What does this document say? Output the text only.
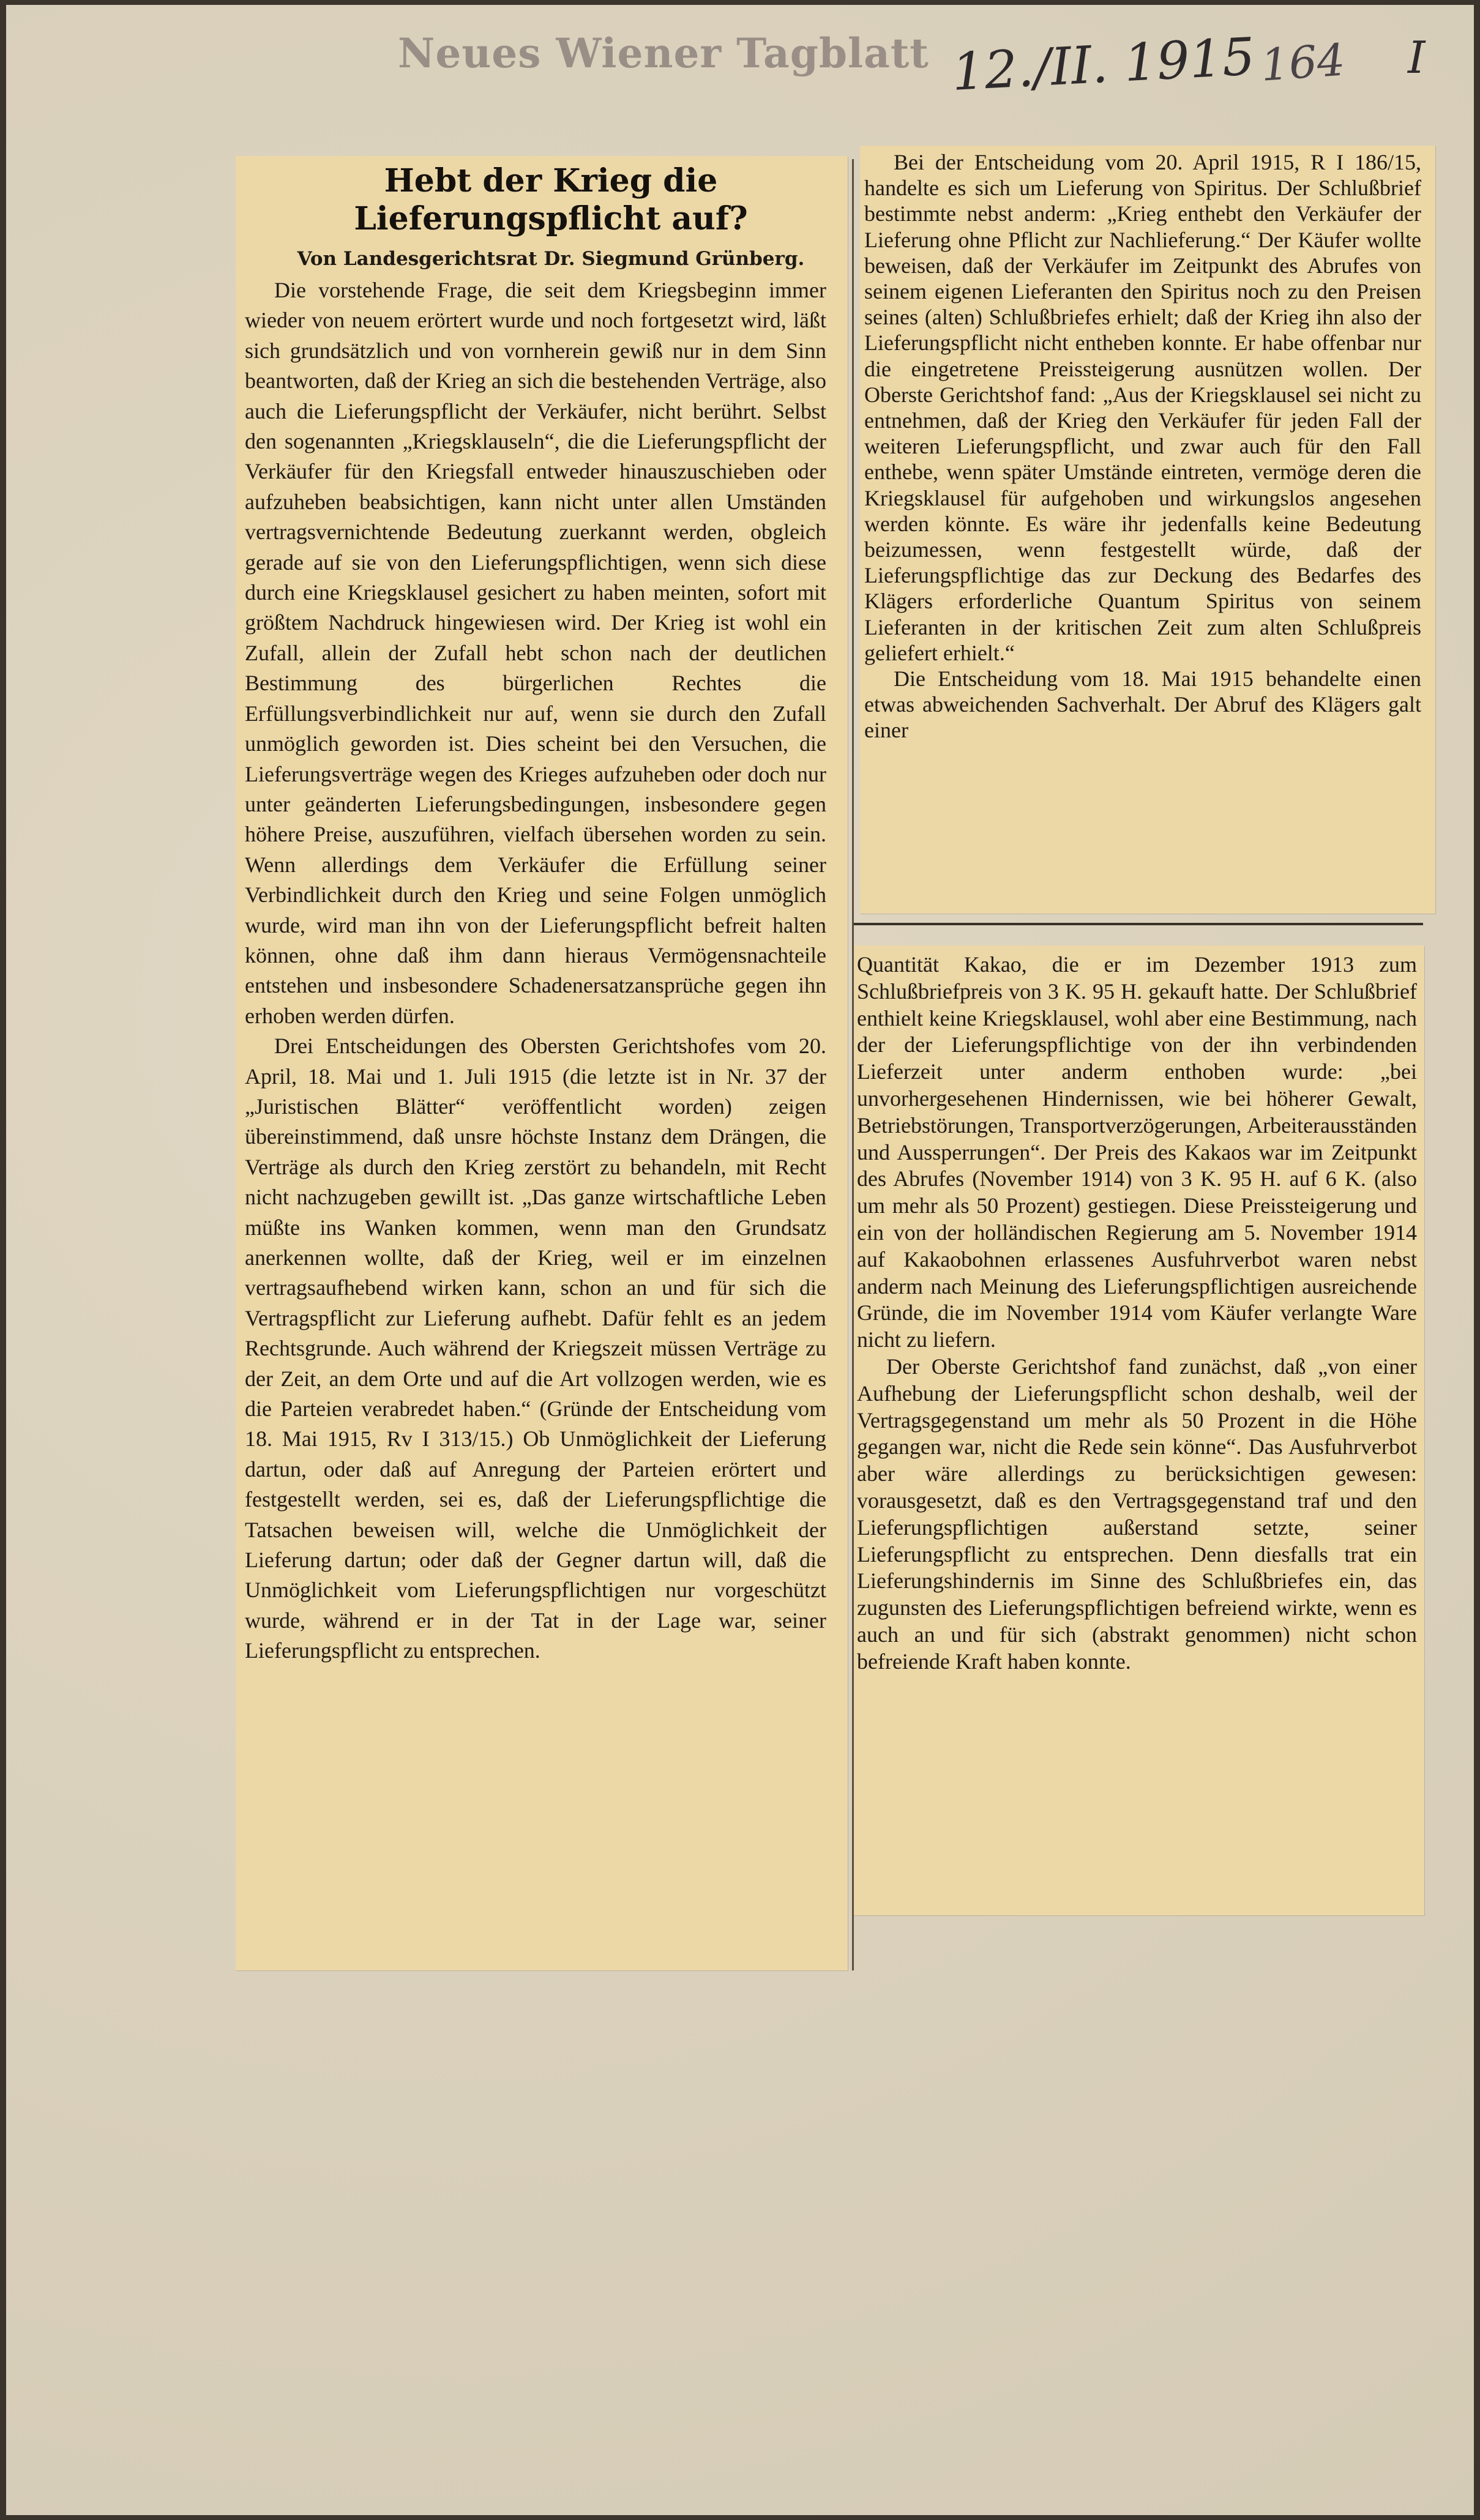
Neues Wiener Tagblatt 12./II. 1915 164 I
Hebt der Krieg die Lieferungspflicht auf?
Von Landesgerichtsrat Dr. Siegmund Grünberg.

Die vorstehende Frage, die seit dem Kriegsbeginn immer wieder von neuem erörtert wurde und noch fortgesetzt wird, läßt sich grundsätzlich und von vornherein gewiß nur in dem Sinn beantworten, daß der Krieg an sich die bestehenden Verträge, also auch die Lieferungspflicht der Verkäufer, nicht berührt. Selbst den sogenannten „Kriegsklauseln“, die die Lieferungspflicht der Verkäufer für den Kriegsfall entweder hinauszuschieben oder aufzuheben beabsichtigen, kann nicht unter allen Umständen vertragsvernichtende Bedeutung zuerkannt werden, obgleich gerade auf sie von den Lieferungspflichtigen, wenn sich diese durch eine Kriegsklausel gesichert zu haben meinten, sofort mit größtem Nachdruck hingewiesen wird. Der Krieg ist wohl ein Zufall, allein der Zufall hebt schon nach der deutlichen Bestimmung des bürgerlichen Rechtes die Erfüllungsverbindlichkeit nur auf, wenn sie durch den Zufall unmöglich geworden ist. Dies scheint bei den Versuchen, die Lieferungsverträge wegen des Krieges aufzuheben oder doch nur unter geänderten Lieferungsbedingungen, insbesondere gegen höhere Preise, auszuführen, vielfach übersehen worden zu sein. Wenn allerdings dem Verkäufer die Erfüllung seiner Verbindlichkeit durch den Krieg und seine Folgen unmöglich wurde, wird man ihn von der Lieferungspflicht befreit halten können, ohne daß ihm dann hieraus Vermögensnachteile entstehen und insbesondere Schadenersatzansprüche gegen ihn erhoben werden dürfen.

Drei Entscheidungen des Obersten Gerichtshofes vom 20. April, 18. Mai und 1. Juli 1915 (die letzte ist in Nr. 37 der „Juristischen Blätter“ veröffentlicht worden) zeigen übereinstimmend, daß unsre höchste Instanz dem Drängen, die Verträge als durch den Krieg zerstört zu behandeln, mit Recht nicht nachzugeben gewillt ist. „Das ganze wirtschaftliche Leben müßte ins Wanken kommen, wenn man den Grundsatz anerkennen wollte, daß der Krieg, weil er im einzelnen vertragsaufhebend wirken kann, schon an und für sich die Vertragspflicht zur Lieferung aufhebt. Dafür fehlt es an jedem Rechtsgrunde. Auch während der Kriegszeit müssen Verträge zu der Zeit, an dem Orte und auf die Art vollzogen werden, wie es die Parteien verabredet haben.“ (Gründe der Entscheidung vom 18. Mai 1915, Rv I 313/15.) Ob Unmöglichkeit der Lieferung dartun, oder daß auf Anregung der Parteien erörtert und festgestellt werden, sei es, daß der Lieferungspflichtige die Tatsachen beweisen will, welche die Unmöglichkeit der Lieferung dartun; oder daß der Gegner dartun will, daß die Unmöglichkeit vom Lieferungspflichtigen nur vorgeschützt wurde, während er in der Tat in der Lage war, seiner Lieferungspflicht zu entsprechen.

Bei der Entscheidung vom 20. April 1915, R I 186/15, handelte es sich um Lieferung von Spiritus. Der Schlußbrief bestimmte nebst anderm: „Krieg enthebt den Verkäufer der Lieferung ohne Pflicht zur Nachlieferung.“ Der Käufer wollte beweisen, daß der Verkäufer im Zeitpunkt des Abrufes von seinem eigenen Lieferanten den Spiritus noch zu den Preisen seines (alten) Schlußbriefes erhielt; daß der Krieg ihn also der Lieferungspflicht nicht entheben konnte. Er habe offenbar nur die eingetretene Preissteigerung ausnützen wollen. Der Oberste Gerichtshof fand: „Aus der Kriegsklausel sei nicht zu entnehmen, daß der Krieg den Verkäufer für jeden Fall der weiteren Lieferungspflicht, und zwar auch für den Fall enthebe, wenn später Umstände eintreten, vermöge deren die Kriegsklausel für aufgehoben und wirkungslos angesehen werden könnte. Es wäre ihr jedenfalls keine Bedeutung beizumessen, wenn festgestellt würde, daß der Lieferungspflichtige das zur Deckung des Bedarfes des Klägers erforderliche Quantum Spiritus von seinem Lieferanten in der kritischen Zeit zum alten Schlußpreis geliefert erhielt.“

Die Entscheidung vom 18. Mai 1915 behandelte einen etwas abweichenden Sachverhalt. Der Abruf des Klägers galt einer

Quantität Kakao, die er im Dezember 1913 zum Schlußbriefpreis von 3 K. 95 H. gekauft hatte. Der Schlußbrief enthielt keine Kriegsklausel, wohl aber eine Bestimmung, nach der der Lieferungspflichtige von der ihn verbindenden Lieferzeit unter anderm enthoben wurde: „bei unvorhergesehenen Hindernissen, wie bei höherer Gewalt, Betriebstörungen, Transportverzögerungen, Arbeiterausständen und Aussperrungen“. Der Preis des Kakaos war im Zeitpunkt des Abrufes (November 1914) von 3 K. 95 H. auf 6 K. (also um mehr als 50 Prozent) gestiegen. Diese Preissteigerung und ein von der holländischen Regierung am 5. November 1914 auf Kakaobohnen erlassenes Ausfuhrverbot waren nebst anderm nach Meinung des Lieferungspflichtigen ausreichende Gründe, die im November 1914 vom Käufer verlangte Ware nicht zu liefern.

Der Oberste Gerichtshof fand zunächst, daß „von einer Aufhebung der Lieferungspflicht schon deshalb, weil der Vertragsgegenstand um mehr als 50 Prozent in die Höhe gegangen war, nicht die Rede sein könne“. Das Ausfuhrverbot aber wäre allerdings zu berücksichtigen gewesen: vorausgesetzt, daß es den Vertragsgegenstand traf und den Lieferungspflichtigen außerstand setzte, seiner Lieferungspflicht zu entsprechen. Denn diesfalls trat ein Lieferungshindernis im Sinne des Schlußbriefes ein, das zugunsten des Lieferungspflichtigen befreiend wirkte, wenn es auch an und für sich (abstrakt genommen) nicht schon befreiende Kraft haben konnte.
